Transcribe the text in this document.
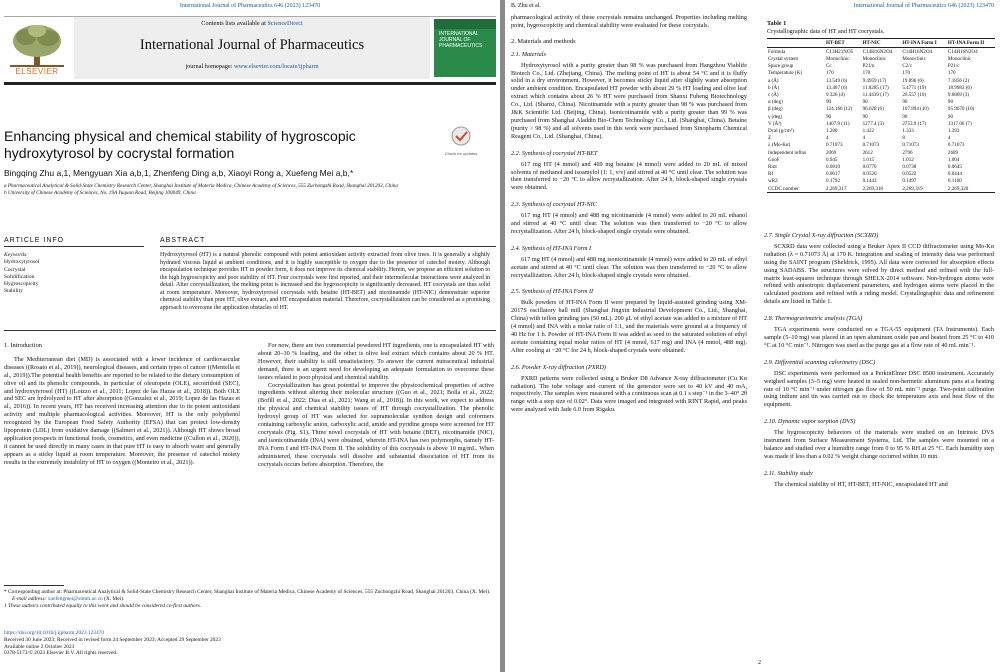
International Journal of Pharmaceutics 646 (2023) 123470
ELSEVIER
Contents lists available at ScienceDirect
International Journal of Pharmaceutics
journal homepage: www.elsevier.com/locate/ijpharm
INTERNATIONAL JOURNAL OF PHARMACEUTICS
Enhancing physical and chemical stability of hygroscopic hydroxytyrosol by cocrystal formation	Check for updates
Bingqing Zhu a,1, Mengyuan Xia a,b,1, Zhenfeng Ding a,b, Xiaoyi Rong a, Xuefeng Mei a,b,*
a Pharmaceutical Analytical & Solid-State Chemistry Research Center, Shanghai Institute of Materia Medica, Chinese Academy of Sciences, 555 Zuchongzhi Road, Shanghai 201203, China
b University of Chinese Academy of Sciences, No. 19A Yuquan Road, Beijing 100049, China
ARTICLE INFO	ABSTRACT
Keywords:
Hydroxytyrosol
Cocrystal
Solidification
Hygroscopicity
Stability
Hydroxytyrosol (HT) is a natural phenolic compound with potent antioxidant activity extracted from olive trees. It is generally a slightly hydrated viscous liquid at ambient conditions, and it is highly susceptible to oxygen due to the presence of catechol moiety. Although encapsulation technique provides HT in powder form, it does not improve its chemical stability. Herein, we propose an efficient solution to the high hygroscopicity and poor stability of HT. Four cocrystals were first reported, and their intermolecular interactions were analyzed in detail. After cocrystallization, the melting point is increased and the hygroscopicity is significantly decreased. HT cocrystals are thus solid at room temperature. Moreover, hydroxytyrosol cocrystals with betaine (HT-BET) and nicotinamide (HT-NIC) demonstrate superior chemical stability than pure HT, olive extract, and HT encapsulation material. Therefore, cocrystallization can be considered as a promising approach to overcome the application obstacles of HT.
1. Introduction

The Mediterranean diet (MD) is associated with a lower incidence of cardiovascular diseases ((Rosato et al., 2019)), neurological diseases, and certain types of cancer ((Mentella et al., 2019)).The potential health benefits are reported to be related to the dietary consumption of olive oil and its phenolic compounds, in particular of oleuropein (OLE), secoiridoid (SEC), and hydroxytyrosol (HT) ((Loizzo et al., 2011; Lopez de las Hazas et al., 2018)). Both OLE and SEC are hydrolyzed to HT after absorption ((Gonzalez et al., 2019; Lopez de las Hazas et al., 2016)). In recent years, HT has received increasing attention due to its potent antioxidant activity and multiple pharmacological activities. Moreover, HT is the only polyphenol recognized by the European Food Safety Authority (EFSA) that can protect low-density lipoprotein (LDL) from oxidative damage ((Salmeri et al., 2021)). Although HT shows broad application prospects in functional foods, cosmetics, and even medicine ((Cullon et al., 2020)), it cannot be used directly in many cases in that pure HT is easy to absorb water and generally appears as a sticky liquid at room temperature. Moreover, the presence of catechol moiety results in the extremely instability of HT to oxygen ((Monteiro et al., 2021)).

For now, there are two commercial powdered HT ingredients, one is encapsulated HT with about 20–30 % loading, and the other is olive leaf extract which contains about 20 % HT. However, their stability is still unsatisfactory. To answer the current nutraceutical industrial demand, there is an urgent need for developing an adequate formulation to overcome these issues related to poor physical and chemical stability.

Cocrystallization has great potential to improve the physicochemical properties of active ingredients without altering their molecular structure ((Guo et al., 2021; Bolla et al., 2022; (Bofill et al., 2022; Dias et al., 2021; Wang et al., 2018)). In this work, we expect to address the physical and chemical stability issues of HT through cocrystallization. The phenolic hydroxyl group of HT was selected for supramolecular synthon design and coformers containing carboxylic anion, carboxylic acid, amide and pyridine groups were screened for HT cocrystals (Fig. S1). Three novel cocrystals of HT with betaine (BET), nicotinamide (NIC), and isonicotinamide (INA) were obtained, wherein HT-INA has two polymorphs, namely HT-INA Form I and HT-INA Form II. The solubility of this cocrystals is above 10 mg/mL. When administered, these cocrystals will dissolve and substantial dissociation of HT from its cocrystals occurs before absorption. Therefore, the

* Corresponding author at: Pharmaceutical Analytical & Solid-State Chemistry Research Center, Shanghai Institute of Materia Medica, Chinese Academy of Sciences, 555 Zuchongzhi Road, Shanghai 201203, China (X. Mei).
E-mail address: xuefengmei@simm.ac.cn (X. Mei).
1 These authors contributed equally to this work and should be considered co-first authors.
https://doi.org/10.1016/j.ijpharm.2023.123470
Received 30 June 2023; Received in revised form 24 September 2023; Accepted 29 September 2023
Available online 2 October 2023
0378-5173/© 2023 Elsevier B.V. All rights reserved.
B. Zhu et al.	International Journal of Pharmaceutics 646 (2023) 123470

pharmacological activity of these cocrystals remains unchanged. Properties including melting point, hygroscopicity and chemical stability were evaluated for these cocrystals.

2. Materials and methods
2.1. Materials

Hydroxytyrosol with a purity greater than 98 % was purchased from Hangzhou Viablife Biotech Co., Ltd. (Zhejiang, China). The melting point of HT is about 54 °C and it is fluffy solid in a dry environment. However, it becomes sticky liquid after slightly water absorption under ambient condition. Encapsulated HT powder with about 29 % HT loading and olive leaf extract which contains about 26 % HT were purchased from Shanxi Fuheng Biotechnology Co., Ltd. (Shanxi, China). Nicotinamide with a purity greater than 98 % was purchased from J&K Scientific Ltd. (Beijing, China). Isonicotinamide with a purity greater than 99 % was purchased from Shanghai Aladdin Bio-Chem Technology Co., Ltd. (Shanghai, China). Betaine (purity > 98 %) and all solvents used in this work were purchased from Sinopharm Chemical Reagent Co., Ltd. (Shanghai, China).

2.2. Synthesis of cocrystal HT-BET

617 mg HT (4 mmol) and 469 mg betaine (4 mmol) were added to 20 mL of mixed solvents of methanol and isoamylol (1: 1, v/v) and stirred at 40 °C until clear. The solution was then transferred to −20 °C to allow recrystallization. After 24 h, block-shaped single crystals were obtained.

2.3. Synthesis of cocrystal HT-NIC

617 mg HT (4 mmol) and 488 mg nicotinamide (4 mmol) were added to 20 mL ethanol and stirred at 40 °C until clear. The solution was then transferred to −20 °C to allow recrystallization. After 24 h, block-shaped single crystals were obtained.

2.4. Synthesis of HT-INA Form I

617 mg HT (4 mmol) and 488 mg isonicotinamide (4 mmol) were added to 20 mL of ethyl acetate and stirred at 40 °C until clear. The solution was then transferred to −20 °C to allow recrystallization. After 24 h, block-shaped single crystals were obtained.

2.5. Synthesis of HT-INA Form II

Bulk powders of HT-INA Form II were prepared by liquid-assisted grinding using XM-2017S oscillatory ball mill (Shanghai Jingxin Industrial Development Co., Ltd., Shanghai, China) with teflon grinding jars (50 mL). 200 μL of ethyl acetate was added to a mixture of HT (4 mmol) and INA with a molar ratio of 1:1, and the materials were ground at a frequency of 40 Hz for 1 h. Powder of HT-INA Form II was added as seed to the saturated solution of ethyl acetate containing equal molar ratios of HT (4 mmol, 617 mg) and INA (4 mmol, 488 mg). After cooling at −20 °C for 24 h, block-shaped crystals were obtained.

2.6. Powder X-ray diffraction (PXRD)

PXRD patterns were collected using a Bruker D8 Advance X-ray diffractometer (Cu Kα radiation). The tube voltage and current of the generator were set to 40 kV and 40 mA, respectively. The samples were measured with a continuous scan at 0.1 s step⁻¹ in the 3–40° 2θ range with a step size of 0.02°. Data were imaged and integrated with RINT Rapid, and peaks were analyzed with Jade 6.0 from Rigaku.

Table 1
Crystallographic data of HT and HT cocrystals.
	HT-BET	HT-NIC	HT-INA Form I	HT-INA Form II
Formula	C13H21NO5	C14H16N2O4	C14H16N2O4	C14H16N2O4
Crystal system	Monoclinic	Monoclinic	Monoclinic	Monoclinic
Space group	Cc	P21/n	C2/c	P21/c
Temperature (K)	170	170	170	170
a (Å)	13.549 (6)	9.4959 (17)	19.896 (6)	7.1856 (2)
b (Å)	13.467 (6)	11.8285 (17)	5.4771 (19)	18.9983 (6)
c (Å)	9.326 (4)	11.4439 (17)	26.557 (10)	9.6869 (3)
α (deg)	90	90	90	90
β (deg)	124.166 (12)	96.628 (6)	107.894 (10)	95.9670 (10)
γ (deg)	90	90	90	90
V (Å³)	1407.9 (11)	1277.4 (3)	2753.9 (17)	1317.06 (7)
Dcal (g/cm³)	1.280	1.422	1.333	1.393
Z	4	4	8	4
λ (Mo-Kα)	0.71073	0.71073	0.71073	0.71073
Independent reflns	2069	2612	2796	2689
GooF	0.945	1.015	1.012	1.004
Rint	0.0810	0.0770	0.0738	0.0645
R1	0.0617	0.0520	0.0522	0.0444
wR2	0.1792	0.1443	0.1497	0.1100
CCDC number	2,269,317	2,269,318	2,269,319	2,269,320
2.7. Single Crystal X-ray diffraction (SCXRD)

SCXRD data were collected using a Bruker Apex II CCD diffractometer using Mo-Kα radiation (λ = 0.71073 Å) at 170 K. Integration and scaling of intensity data was performed using the SAINT program (Sheldrick, 1995). All data were corrected for absorption effects using SADABS. The structures were solved by direct method and refined with the full-matrix least-squares technique through SHELX-2014 software. Non-hydrogen atoms were refined with anisotropic displacement parameters, and hydrogen atoms were placed in the calculated positions and refined with a riding model. Crystallographic data and refinement details are listed in Table 1.

2.8. Thermogravimetric analysis (TGA)

TGA experiments were conducted on a TGA-55 equipment (TA Instruments). Each sample (5–10 mg) was placed in an open aluminum oxide pan and heated from 25 °C to 410 °C at 10 °C min⁻¹. Nitrogen was used as the purge gas at a flow rate of 40 mL min⁻¹.

2.9. Differential scanning calorimetry (DSC)

DSC experiments were performed on a PerkinElmer DSC 8500 instrument. Accurately weighed samples (3–5 mg) were heated in sealed non-hermetic aluminum pans at a heating rate of 10 °C min⁻¹ under nitrogen gas flow of 50 mL min⁻¹ purge. Two-point calibration using indium and tin was carried out to check the temperature axis and heat flow of the equipment.

2.10. Dynamic vapor sorption (DVS)

The hygroscopicity behaviors of the materials were studied on an Intrinsic DVS instrument from Surface Measurement Systems, Ltd. The samples were mounted on a balance and studied over a humidity range from 0 to 95 % RH at 25 °C. Each humidity step was made if less than a 0.02 % weight change occurred within 10 min.

2.11. Stability study

The chemical stability of HT, HT-BET, HT-NIC, encapsulated HT and

2
